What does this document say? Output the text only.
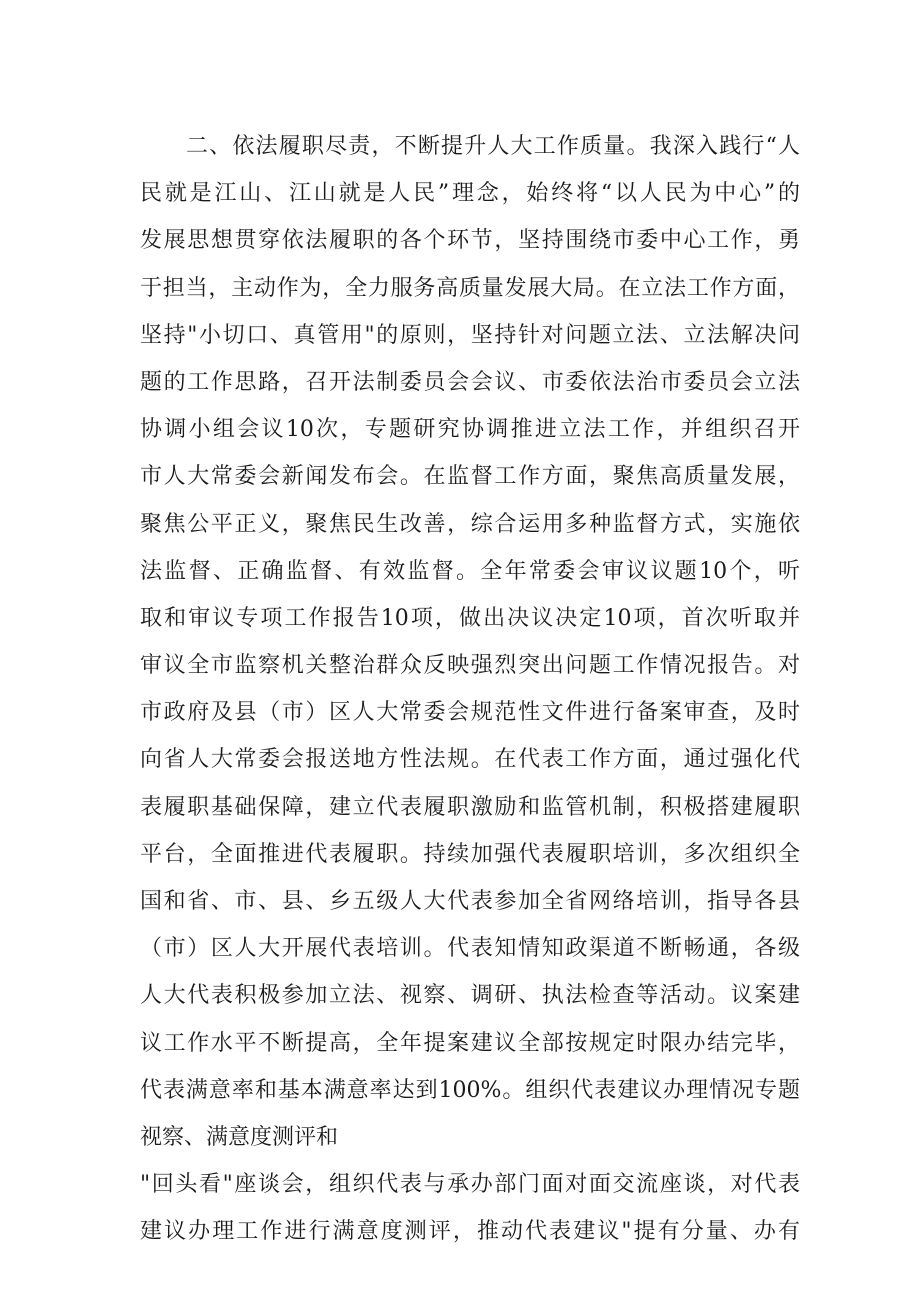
二、依法履职尽责，不断提升人大工作质量。我深入践行“人
民就是江山、江山就是人民”理念，始终将“以人民为中心”的
发展思想贯穿依法履职的各个环节，坚持围绕市委中心工作，勇
于担当，主动作为，全力服务高质量发展大局。在立法工作方面，
坚持"小切口、真管用"的原则，坚持针对问题立法、立法解决问
题的工作思路，召开法制委员会会议、市委依法治市委员会立法
协调小组会议10次，专题研究协调推进立法工作，并组织召开
市人大常委会新闻发布会。在监督工作方面，聚焦高质量发展，
聚焦公平正义，聚焦民生改善，综合运用多种监督方式，实施依
法监督、正确监督、有效监督。全年常委会审议议题10个，听
取和审议专项工作报告10项，做出决议决定10项，首次听取并
审议全市监察机关整治群众反映强烈突出问题工作情况报告。对
市政府及县（市）区人大常委会规范性文件进行备案审查，及时
向省人大常委会报送地方性法规。在代表工作方面，通过强化代
表履职基础保障，建立代表履职激励和监管机制，积极搭建履职
平台，全面推进代表履职。持续加强代表履职培训，多次组织全
国和省、市、县、乡五级人大代表参加全省网络培训，指导各县
（市）区人大开展代表培训。代表知情知政渠道不断畅通，各级
人大代表积极参加立法、视察、调研、执法检查等活动。议案建
议工作水平不断提高，全年提案建议全部按规定时限办结完毕，
代表满意率和基本满意率达到100%。组织代表建议办理情况专题
视察、满意度测评和
"回头看"座谈会，组织代表与承办部门面对面交流座谈，对代表
建议办理工作进行满意度测评，推动代表建议"提有分量、办有
